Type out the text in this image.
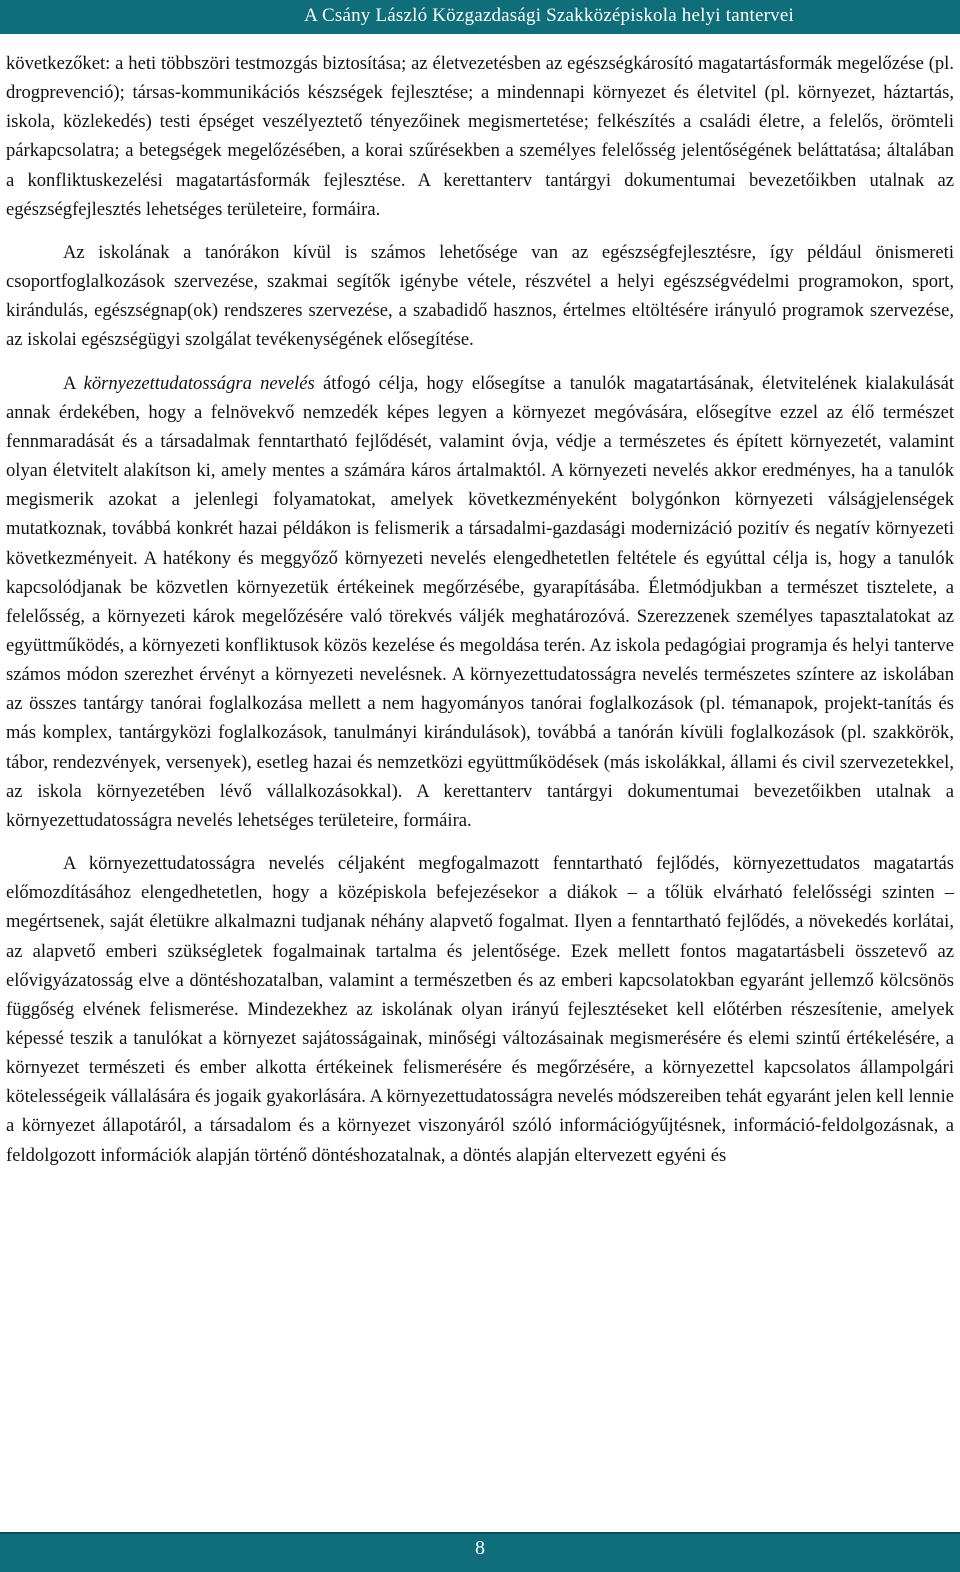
A Csány László Közgazdasági Szakközépiskola helyi tantervei

következőket: a heti többszöri testmozgás biztosítása; az életvezetésben az egészségkárosító magatartásformák megelőzése (pl. drogprevenció); társas-kommunikációs készségek fejlesztése; a mindennapi környezet és életvitel (pl. környezet, háztartás, iskola, közlekedés) testi épséget veszélyeztető tényezőinek megismertetése; felkészítés a családi életre, a felelős, örömteli párkapcsolatra; a betegségek megelőzésében, a korai szűrésekben a személyes felelősség jelentőségének beláttatása; általában a konfliktuskezelési magatartásformák fejlesztése. A kerettanterv tantárgyi dokumentumai bevezetőikben utalnak az egészségfejlesztés lehetséges területeire, formáira.

Az iskolának a tanórákon kívül is számos lehetősége van az egészségfejlesztésre, így például önismereti csoportfoglalkozások szervezése, szakmai segítők igénybe vétele, részvétel a helyi egészségvédelmi programokon, sport, kirándulás, egészségnap(ok) rendszeres szervezése, a szabadidő hasznos, értelmes eltöltésére irányuló programok szervezése, az iskolai egészségügyi szolgálat tevékenységének elősegítése.

A környezettudatosságra nevelés átfogó célja, hogy elősegítse a tanulók magatartásának, életvitelének kialakulását annak érdekében, hogy a felnövekvő nemzedék képes legyen a környezet megóvására, elősegítve ezzel az élő természet fennmaradását és a társadalmak fenntartható fejlődését, valamint óvja, védje a természetes és épített környezetét, valamint olyan életvitelt alakítson ki, amely mentes a számára káros ártalmaktól. A környezeti nevelés akkor eredményes, ha a tanulók megismerik azokat a jelenlegi folyamatokat, amelyek következményeként bolygónkon környezeti válságjelenségek mutatkoznak, továbbá konkrét hazai példákon is felismerik a társadalmi-gazdasági modernizáció pozitív és negatív környezeti következményeit. A hatékony és meggyőző környezeti nevelés elengedhetetlen feltétele és egyúttal célja is, hogy a tanulók kapcsolódjanak be közvetlen környezetük értékeinek megőrzésébe, gyarapításába. Életmódjukban a természet tisztelete, a felelősség, a környezeti károk megelőzésére való törekvés váljék meghatározóvá. Szerezzenek személyes tapasztalatokat az együttműködés, a környezeti konfliktusok közös kezelése és megoldása terén. Az iskola pedagógiai programja és helyi tanterve számos módon szerezhet érvényt a környezeti nevelésnek. A környezettudatosságra nevelés természetes színtere az iskolában az összes tantárgy tanórai foglalkozása mellett a nem hagyományos tanórai foglalkozások (pl. témanapok, projekt-tanítás és más komplex, tantárgyközi foglalkozások, tanulmányi kirándulások), továbbá a tanórán kívüli foglalkozások (pl. szakkörök, tábor, rendezvények, versenyek), esetleg hazai és nemzetközi együttműködések (más iskolákkal, állami és civil szervezetekkel, az iskola környezetében lévő vállalkozásokkal). A kerettanterv tantárgyi dokumentumai bevezetőikben utalnak a környezettudatosságra nevelés lehetséges területeire, formáira.

A környezettudatosságra nevelés céljaként megfogalmazott fenntartható fejlődés, környezettudatos magatartás előmozdításához elengedhetetlen, hogy a középiskola befejezésekor a diákok – a tőlük elvárható felelősségi szinten – megértsenek, saját életükre alkalmazni tudjanak néhány alapvető fogalmat. Ilyen a fenntartható fejlődés, a növekedés korlátai, az alapvető emberi szükségletek fogalmainak tartalma és jelentősége. Ezek mellett fontos magatartásbeli összetevő az elővigyázatosság elve a döntéshozatalban, valamint a természetben és az emberi kapcsolatokban egyaránt jellemző kölcsönös függőség elvének felismerése. Mindezekhez az iskolának olyan irányú fejlesztéseket kell előtérben részesítenie, amelyek képessé teszik a tanulókat a környezet sajátosságainak, minőségi változásainak megismerésére és elemi szintű értékelésére, a környezet természeti és ember alkotta értékeinek felismerésére és megőrzésére, a környezettel kapcsolatos állampolgári kötelességeik vállalására és jogaik gyakorlására. A környezettudatosságra nevelés módszereiben tehát egyaránt jelen kell lennie a környezet állapotáról, a társadalom és a környezet viszonyáról szóló információgyűjtésnek, információ-feldolgozásnak, a feldolgozott információk alapján történő döntéshozatalnak, a döntés alapján eltervezett egyéni és

8
